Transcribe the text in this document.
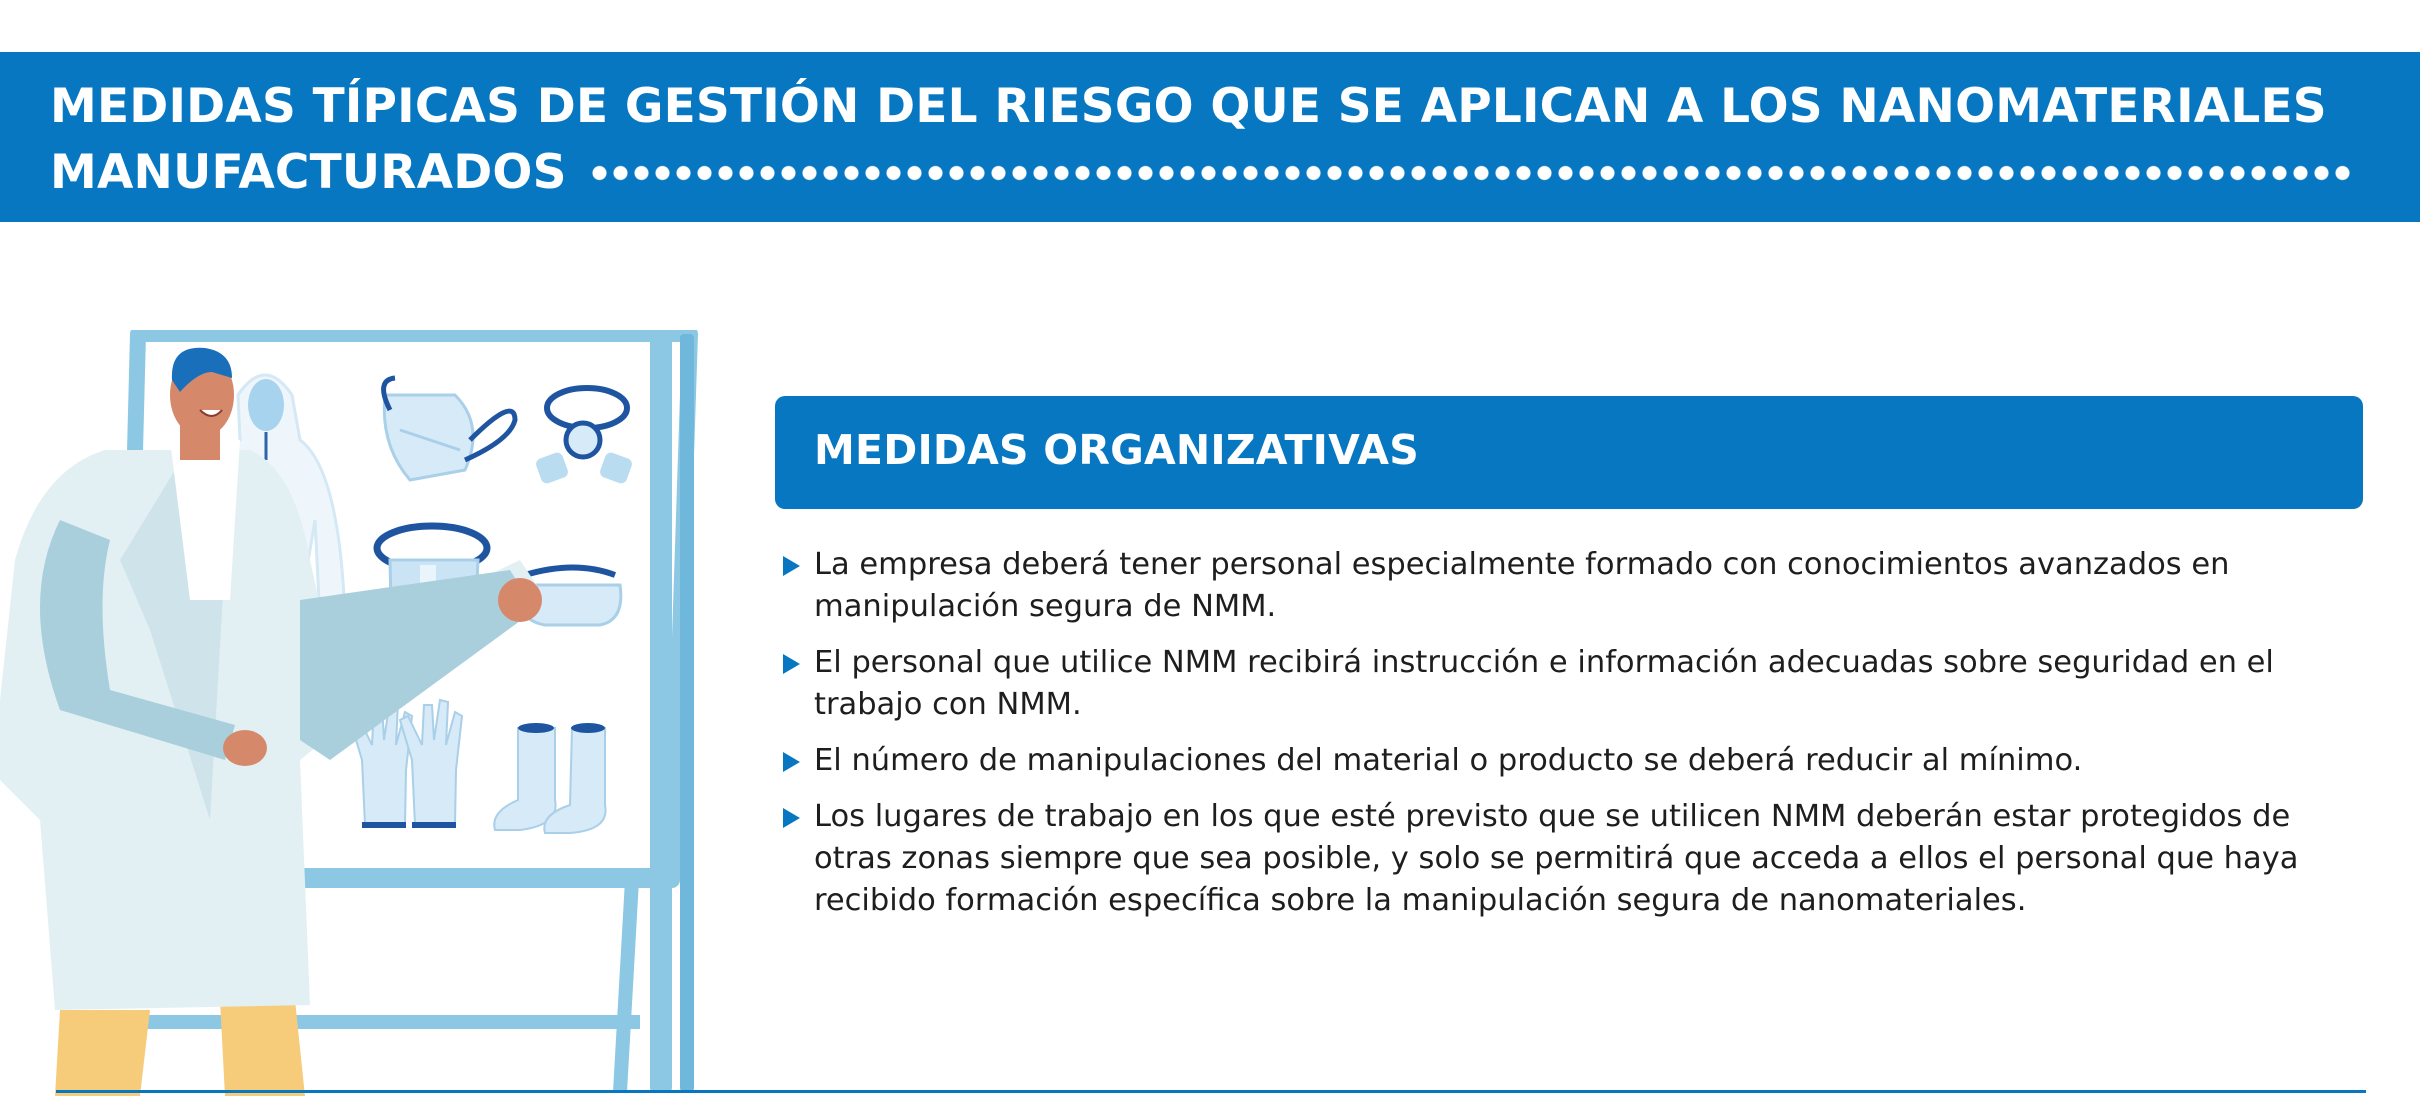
MEDIDAS TÍPICAS DE GESTIÓN DEL RIESGO QUE SE APLICAN A LOS NANOMATERIALES
MANUFACTURADOS
MEDIDAS ORGANIZATIVAS
La empresa deberá tener personal especialmente formado con conocimientos avanzados en manipulación segura de NMM.
El personal que utilice NMM recibirá instrucción e información adecuadas sobre seguridad en el trabajo con NMM.
El número de manipulaciones del material o producto se deberá reducir al mínimo.
Los lugares de trabajo en los que esté previsto que se utilicen NMM deberán estar protegidos de otras zonas siempre que sea posible, y solo se permitirá que acceda a ellos el personal que haya recibido formación específica sobre la manipulación segura de nanomateriales.
